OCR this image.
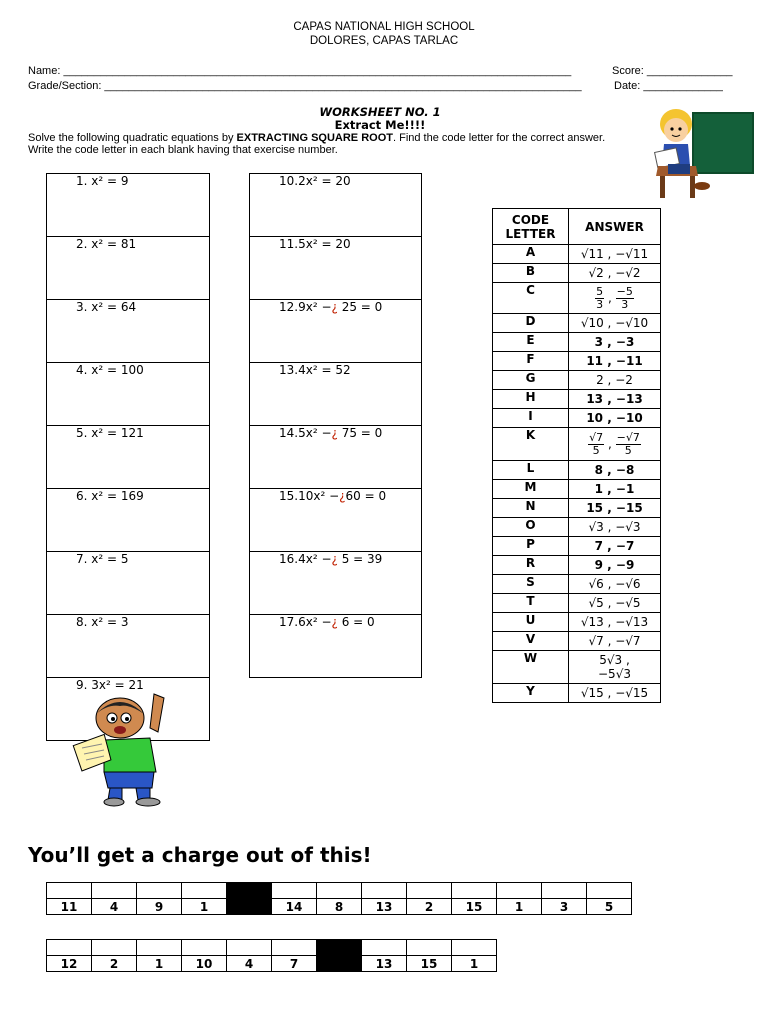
CAPAS NATIONAL HIGH SCHOOL
DOLORES, CAPAS TARLAC
Name: ___________________________________________________________________________________	Score: ______________
Grade/Section: ______________________________________________________________________________	Date: _____________
WORKSHEET NO. 1
Extract Me!!!!
Solve the following quadratic equations by EXTRACTING SQUARE ROOT. Find the code letter for the correct answer.
Write the code letter in each blank having that exercise number.
1. x² = 9
2. x² = 81
3. x² = 64
4. x² = 100
5. x² = 121
6. x² = 169
7. x² = 5
8. x² = 3
9. 3x² = 21
10.2x² = 20
11.5x² = 20
12.9x² −¿ 25 = 0
13.4x² = 52
14.5x² −¿ 75 = 0
15.10x² −¿60 = 0
16.4x² −¿ 5 = 39
17.6x² −¿ 6 = 0
CODE LETTER	ANSWER
A	√11 , −√11
B	√2 , −√2
C	$\frac{5}{3}$ , $\frac{-5}{3}$

D	√10 , −√10
E	3 , −3
F	11 , −11
G	2 , −2
H	13 , −13
I	10 , −10
K	$\frac{√7}{5}$ , $\frac{-√7}{5}$

L	8 , −8
M	1 , −1
N	15 , −15
O	√3 , −√3
P	7 , −7
R	9 , −9
S	√6 , −√6
T	√5 , −√5
U	√13 , −√13
V	√7 , −√7
W	5√3 ,
−5√3
Y	√15 , −√15
You’ll get a charge out of this!

11	4	9	1		14	8	13	2	15	1	3	5

12	2	1	10	4	7		13	15	1
